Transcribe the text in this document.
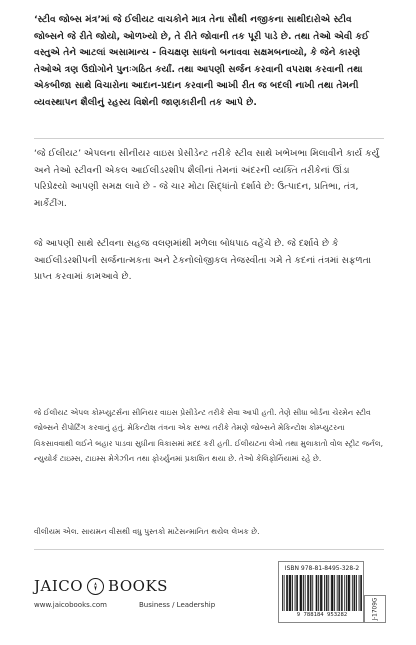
‘સ્ટીવ જોબ્સ મંત્ર’માં જે ઈલીયટ વાચકોને માત્ર તેના સૌથી નજીકના સાથીદારોએ સ્ટીવ જોબ્સને જે રીતે જોયો, ઓળખ્યો છે, તે રીતે જોવાની તક પૂરી પાડે છે. તથા તેઓ એવી કઈ વસ્તુએ તેને આટલાં અસામાન્ય - વિચક્ષણ સાધનો બનાવવા સક્ષમબનાવ્યો, કે જેને કારણે તેઓએ ત્રણ ઉદ્યોગોને પુનઃગઠિત કર્યાં. તથા આપણી સર્જન કરવાની વપરાશ કરવાની તથા એકબીજા સાથે વિચારોના આદાન-પ્રદાન કરવાની આખી રીત જ બદલી નાખી તથા તેમની વ્યવસ્થાપન શૈલીનું રહસ્ય વિશેની જાણકારીની તક આપે છે.

‘જે ઈલીયટ’ એપલના સીનીયર વાઇસ પ્રેસીડેન્ટ તરીકે સ્ટીવ સાથે ખભેખભા મિલાવીને કાર્ય કર્યું અને તેઓ સ્ટીવની એકલ આઈલીડરશીપ શૈલીનાં તેમનાં અંદરની વ્યક્તિ તરીકેનાં ઊંડા પરિપ્રેક્ષ્યો આપણી સમક્ષ લાવે છે - જે ચાર મોટા સિદ્ધાંતો દર્શાવે છે: ઉત્પાદન, પ્રતિભા, તંત્ર, માર્કેટીંગ.

જે આપણી સાથે સ્ટીવના સહજ વલણમાંથી મળેલા બોધપાઠ વહેંચે છે. જે દર્શાવે છે કે આઈલીડરશીપની સર્જનાત્મકતા અને ટેકનોલોજીકલ તેજસ્વીતા ગમે તે કદનાં તંત્રમાં સફળતા પ્રાપ્ત કરવામાં કામઆવે છે.

જે ઈલીયટ એપલ કોમ્પ્યુટર્સના સીનિયર વાઇસ પ્રેસીડેન્ટ તરીકે સેવા આપી હતી. તેણે સીધા બોર્ડના ચેરમેન સ્ટીવ જોબ્સને રીપોર્ટિંગ કરવાનું હતું. મેકિન્ટોશ તંત્રના એક સભ્ય તરીકે તેમણે જોબ્સને મેકિન્ટોશ કોમ્પ્યુટરના વિકસાવવાથી લઈને બહાર પાડવા સુધીના વિકાસમાં મદદ કરી હતી. ઈલીયટના લેખો તથા મુલાકાતો વોલ સ્ટ્રીટ જર્નલ, ન્યુયોર્ક ટાઇમ્સ, ટાઇમ્સ મેગેઝીન તથા ફોર્ચ્યુનમાં પ્રકાશિત થયા છે. તેઓ કેલિફોર્નિયામાં રહે છે.

વીલીયમ એલ. સાયમન વીસથી વધુ પુસ્તકો માટેસન્માનિત થયેલ લેખક છે.

JAICO BOOKS
www.jaicobooks.com	Business / Leadership
ISBN 978-81-8495-328-2
9 788184 953282	J-1709G
